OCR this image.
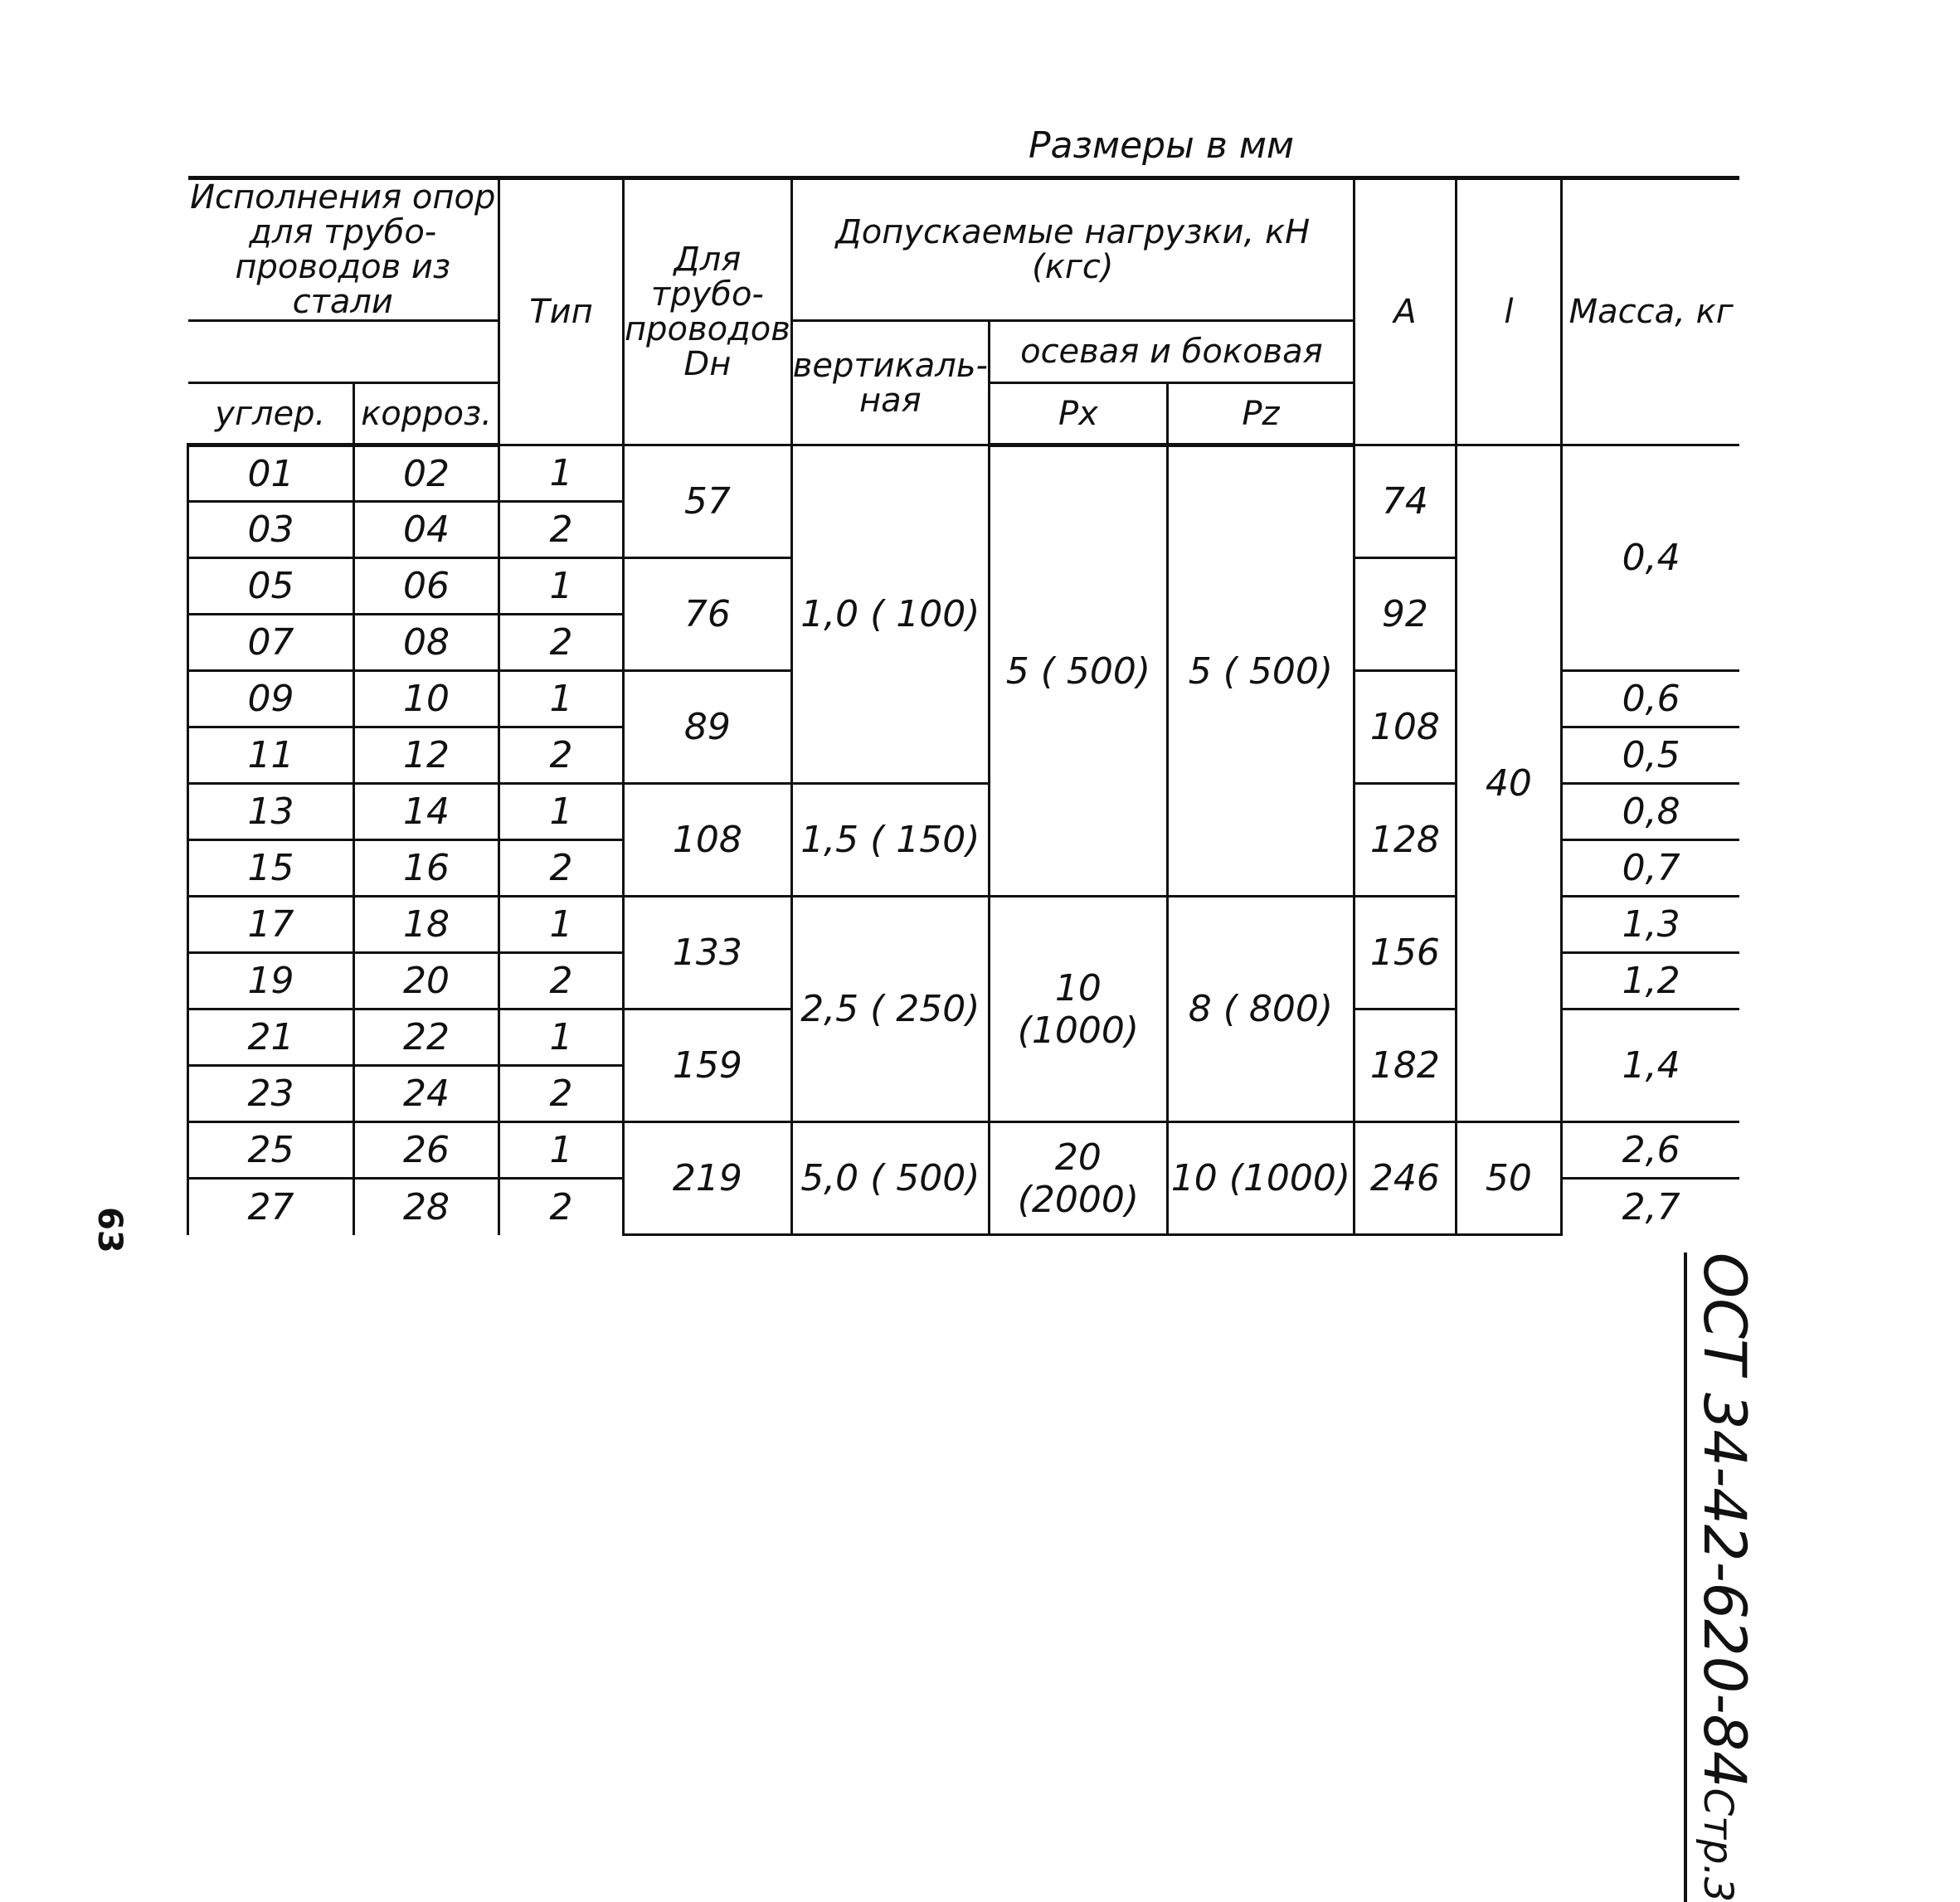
Размеры в мм
Исполнения опор для трубо-проводов из стали		Тип	Для трубо-проводов Dн	Допускаемые нагрузки, кН (кгс)			A	l	Масса, кг
				вертикаль-ная	осевая и боковая				
углер.	корроз.				Px	Pz			
01	02	1	57	1,0 ( 100)	5 ( 500)	5 ( 500)	74	40	0,4
03	04	2							
05	06	1	76				92		
07	08	2							
09	10	1	89				108		0,6
11	12	2							0,5
13	14	1	108	1,5 ( 150)			128		0,8
15	16	2							0,7
17	18	1	133	2,5 ( 250)	10 (1000)	8 ( 800)	156		1,3
19	20	2							1,2
21	22	1	159				182		1,4
23	24	2							
25	26	1	219	5,0 ( 500)	20 (2000)	10 (1000)	246	50	2,6
27	28	2							2,7
ОСТ 34-42-620-84Стр.3
63
